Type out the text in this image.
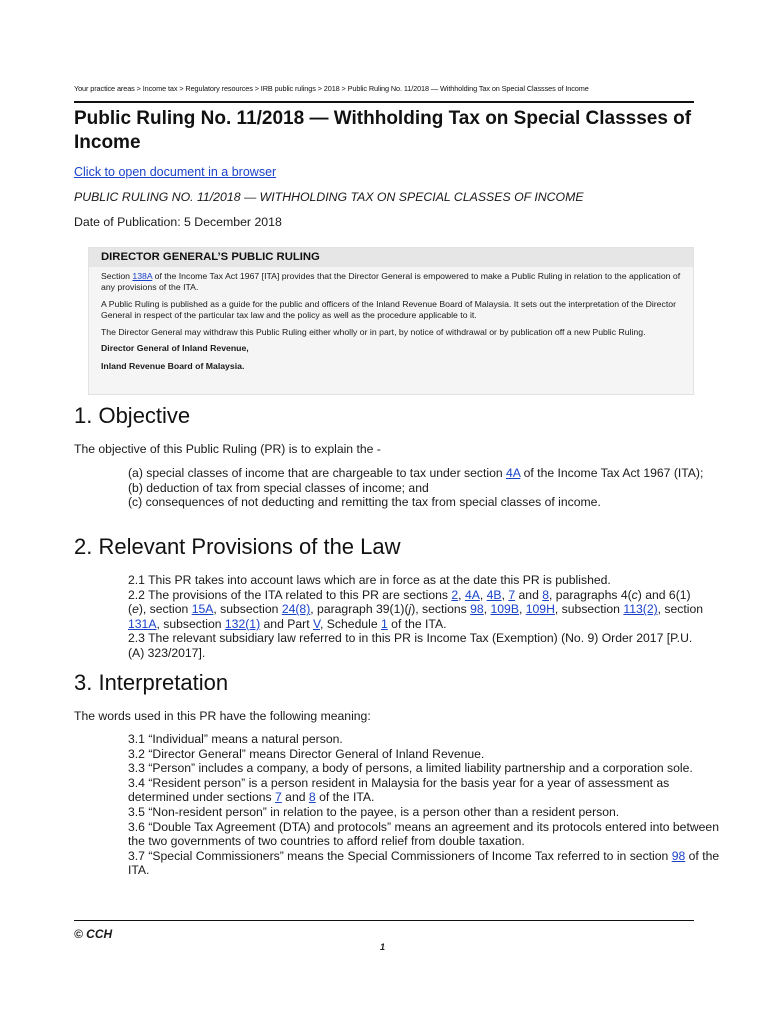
Your practice areas > Income tax > Regulatory resources > IRB public rulings > 2018 > Public Ruling No. 11/2018 — Withholding Tax on Special Classses of Income
Public Ruling No. 11/2018 — Withholding Tax on Special Classses of Income
Click to open document in a browser
PUBLIC RULING NO. 11/2018 — WITHHOLDING TAX ON SPECIAL CLASSES OF INCOME
Date of Publication: 5 December 2018
DIRECTOR GENERAL’S PUBLIC RULING

Section 138A of the Income Tax Act 1967 [ITA] provides that the Director General is empowered to make a Public Ruling in relation to the application of any provisions of the ITA.

A Public Ruling is published as a guide for the public and officers of the Inland Revenue Board of Malaysia. It sets out the interpretation of the Director General in respect of the particular tax law and the policy as well as the procedure applicable to it.

The Director General may withdraw this Public Ruling either wholly or in part, by notice of withdrawal or by publication off a new Public Ruling.

Director General of Inland Revenue,

Inland Revenue Board of Malaysia.

1. Objective
The objective of this Public Ruling (PR) is to explain the -
(a) special classes of income that are chargeable to tax under section 4A of the Income Tax Act 1967 (ITA);
(b) deduction of tax from special classes of income; and
(c) consequences of not deducting and remitting the tax from special classes of income.
2. Relevant Provisions of the Law
2.1 This PR takes into account laws which are in force as at the date this PR is published.
2.2 The provisions of the ITA related to this PR are sections 2, 4A, 4B, 7 and 8, paragraphs 4(c) and 6(1)(e), section 15A, subsection 24(8), paragraph 39(1)(j), sections 98, 109B, 109H, subsection 113(2), section 131A, subsection 132(1) and Part V, Schedule 1 of the ITA.
2.3 The relevant subsidiary law referred to in this PR is Income Tax (Exemption) (No. 9) Order 2017 [P.U.(A) 323/2017].
3. Interpretation
The words used in this PR have the following meaning:
3.1 “Individual” means a natural person.
3.2 “Director General” means Director General of Inland Revenue.
3.3 “Person” includes a company, a body of persons, a limited liability partnership and a corporation sole.
3.4 “Resident person” is a person resident in Malaysia for the basis year for a year of assessment as determined under sections 7 and 8 of the ITA.
3.5 “Non-resident person” in relation to the payee, is a person other than a resident person.
3.6 “Double Tax Agreement (DTA) and protocols” means an agreement and its protocols entered into between the two governments of two countries to afford relief from double taxation.
3.7 “Special Commissioners” means the Special Commissioners of Income Tax referred to in section 98 of the ITA.
© CCH
1
